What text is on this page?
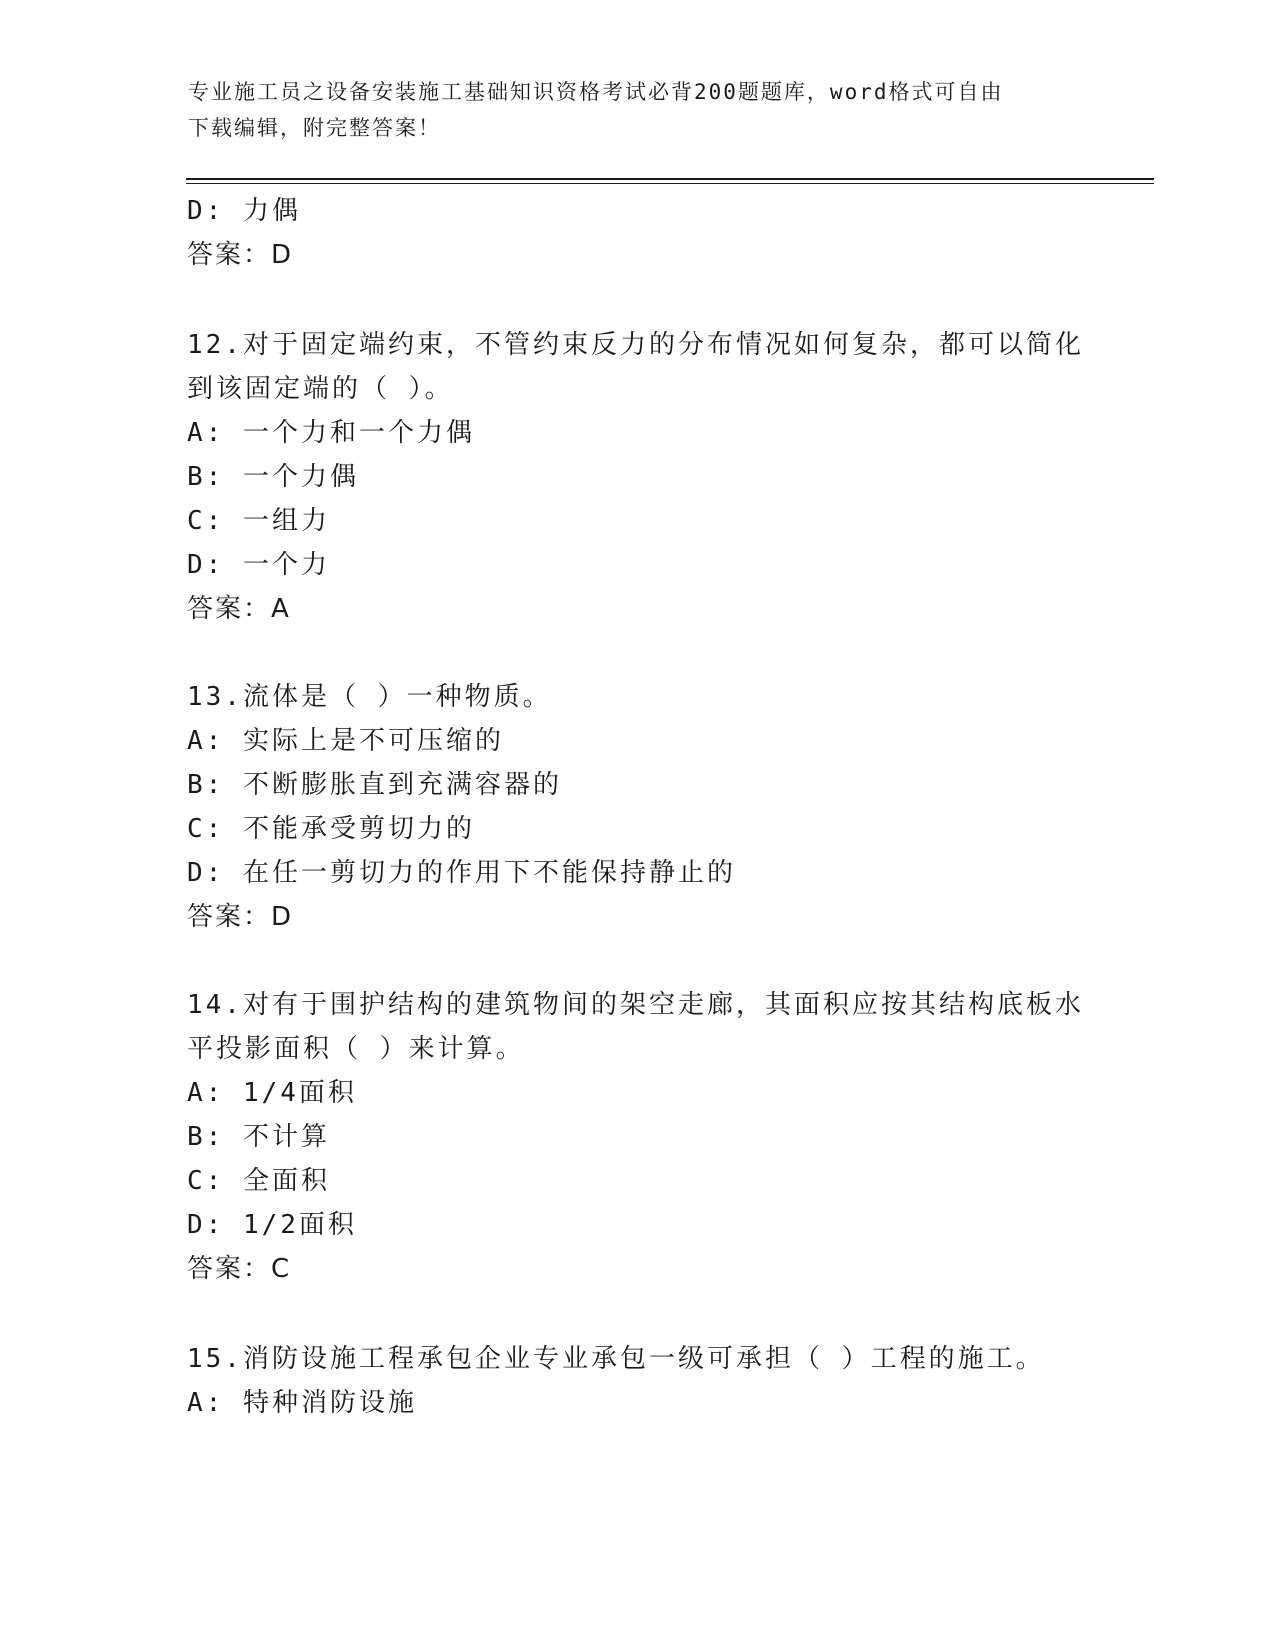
专业施工员之设备安装施工基础知识资格考试必背200题题库，word格式可自由
下载编辑，附完整答案！
D: 力偶
答案：D
12.对于固定端约束，不管约束反力的分布情况如何复杂，都可以简化
到该固定端的（ ）。
A: 一个力和一个力偶
B: 一个力偶
C: 一组力
D: 一个力
答案：A
13.流体是（ ）一种物质。
A: 实际上是不可压缩的
B: 不断膨胀直到充满容器的
C: 不能承受剪切力的
D: 在任一剪切力的作用下不能保持静止的
答案：D
14.对有于围护结构的建筑物间的架空走廊，其面积应按其结构底板水
平投影面积（ ）来计算。
A: 1/4面积
B: 不计算
C: 全面积
D: 1/2面积
答案：C
15.消防设施工程承包企业专业承包一级可承担（ ）工程的施工。
A: 特种消防设施
